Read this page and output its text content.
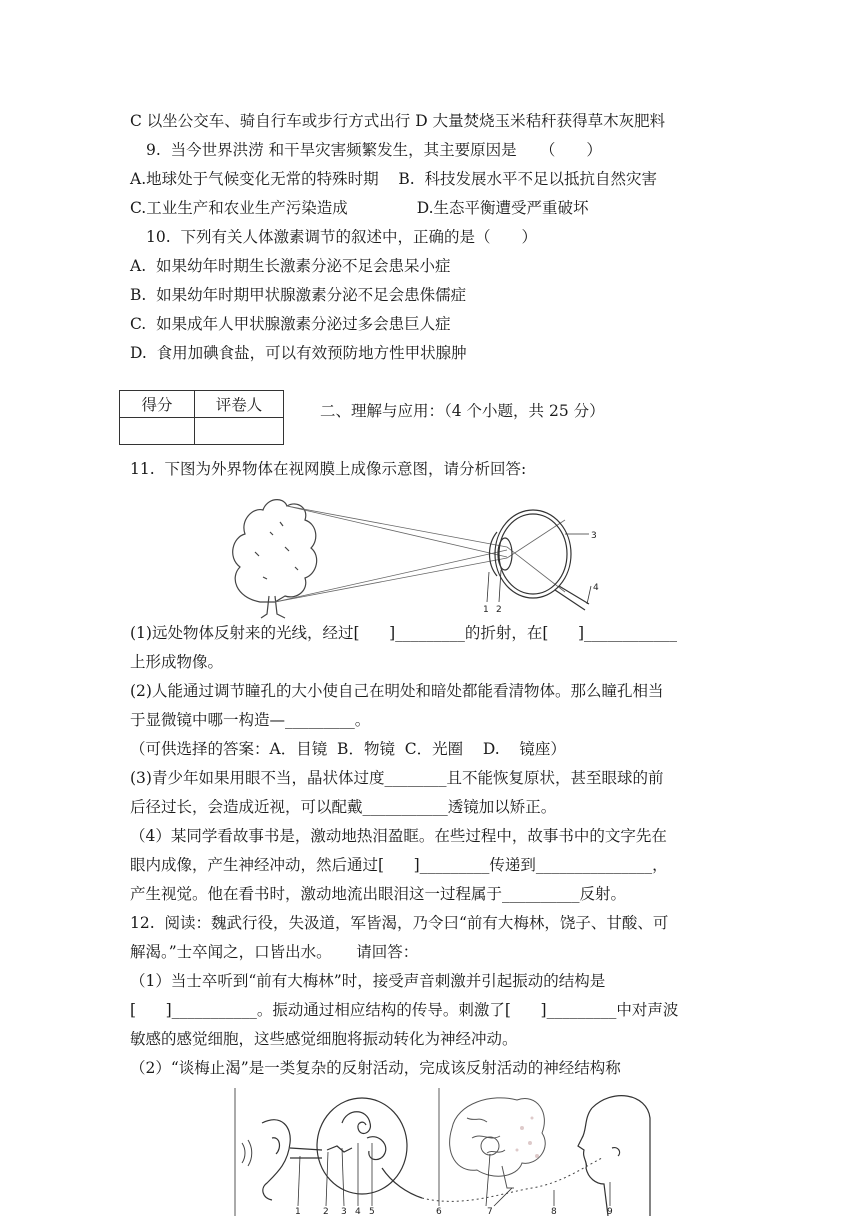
C 以坐公交车、骑自行车或步行方式出行 D 大量焚烧玉米秸秆获得草木灰肥料
9.  当今世界洪涝 和干旱灾害频繁发生，其主要原因是　　（　　）
A.地球处于气候变化无常的特殊时期    B.  科技发展水平不足以抵抗自然灾害
C.工业生产和农业生产污染造成              D.生态平衡遭受严重破坏
10.  下列有关人体激素调节的叙述中，正确的是（　　）
A.  如果幼年时期生长激素分泌不足会患呆小症
B.  如果幼年时期甲状腺激素分泌不足会患侏儒症
C.  如果成年人甲状腺激素分泌过多会患巨人症
D.  食用加碘食盐，可以有效预防地方性甲状腺肿
得分	评卷人
		二、理解与应用：（4 个小题，共 25 分）
11.  下图为外界物体在视网膜上成像示意图，请分析回答:
1 2
3
4
(1)远处物体反射来的光线，经过[      ]_________的折射，在[      ]____________
上形成物像。
(2)人能通过调节瞳孔的大小使自己在明处和暗处都能看清物体。那么瞳孔相当
于显微镜中哪一构造—_________。
（可供选择的答案：A．目镜  B．物镜  C．光圈    D.    镜座）
(3)青少年如果用眼不当，晶状体过度________且不能恢复原状，甚至眼球的前
后径过长，会造成近视，可以配戴___________透镜加以矫正。
（4）某同学看故事书是，激动地热泪盈眶。在些过程中，故事书中的文字先在
眼内成像，产生神经冲动，然后通过[      ]_________传递到_______________，
产生视觉。他在看书时，激动地流出眼泪这一过程属于__________反射。
12.  阅读：魏武行役，失汲道，军皆渴，乃令曰“前有大梅林，饶子、甘酸、可
解渴。”士卒闻之，口皆出水。     请回答：
（1）当士卒听到“前有大梅林”时，接受声音刺激并引起振动的结构是
[      ]___________。振动通过相应结构的传导。刺激了[      ]_________中对声波
敏感的感觉细胞，这些感觉细胞将振动转化为神经冲动。
（2）“谈梅止渴”是一类复杂的反射活动，完成该反射活动的神经结构称
1 2 3 4 5	6	7	8	9
